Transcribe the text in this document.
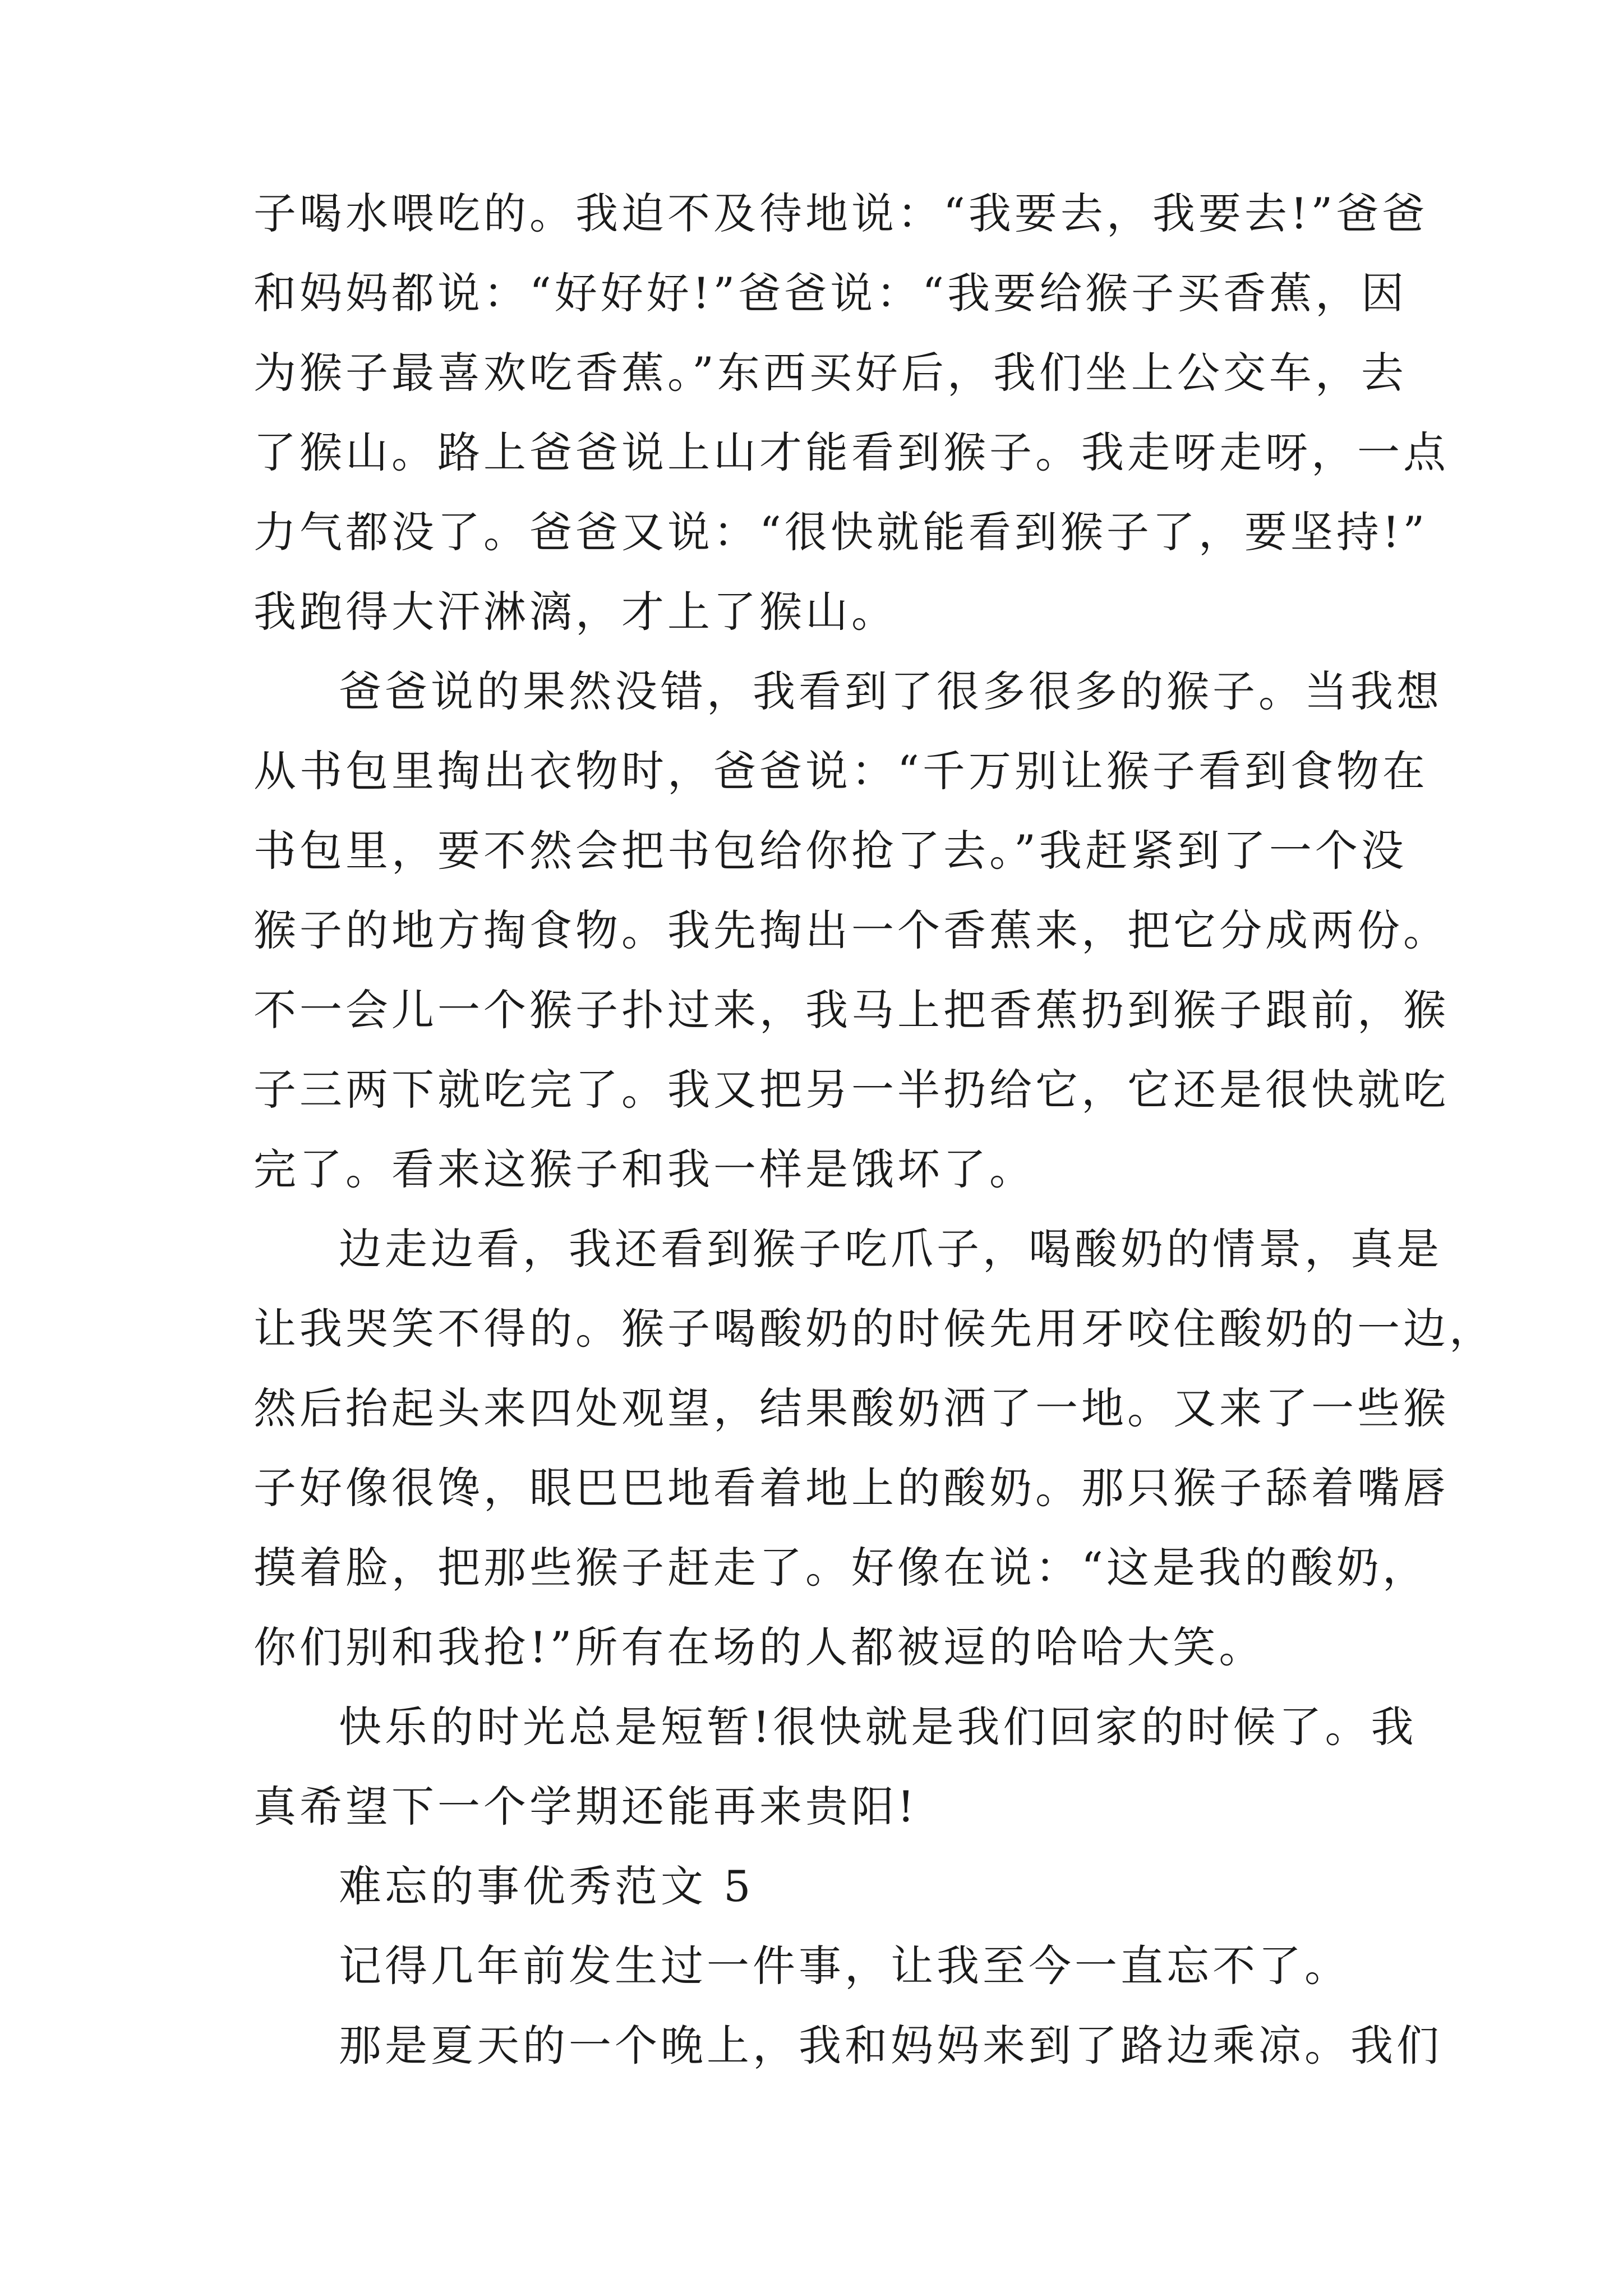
子喝水喂吃的。我迫不及待地说：“我要去，我要去!”爸爸
和妈妈都说：“好好好!”爸爸说：“我要给猴子买香蕉，因
为猴子最喜欢吃香蕉。”东西买好后，我们坐上公交车，去
了猴山。路上爸爸说上山才能看到猴子。我走呀走呀，一点
力气都没了。爸爸又说：“很快就能看到猴子了，要坚持!”
我跑得大汗淋漓，才上了猴山。
爸爸说的果然没错，我看到了很多很多的猴子。当我想
从书包里掏出衣物时，爸爸说：“千万别让猴子看到食物在
书包里，要不然会把书包给你抢了去。”我赶紧到了一个没
猴子的地方掏食物。我先掏出一个香蕉来，把它分成两份。
不一会儿一个猴子扑过来，我马上把香蕉扔到猴子跟前，猴
子三两下就吃完了。我又把另一半扔给它，它还是很快就吃
完了。看来这猴子和我一样是饿坏了。
边走边看，我还看到猴子吃爪子，喝酸奶的情景，真是
让我哭笑不得的。猴子喝酸奶的时候先用牙咬住酸奶的一边，
然后抬起头来四处观望，结果酸奶洒了一地。又来了一些猴
子好像很馋，眼巴巴地看着地上的酸奶。那只猴子舔着嘴唇
摸着脸，把那些猴子赶走了。好像在说：“这是我的酸奶，
你们别和我抢!”所有在场的人都被逗的哈哈大笑。
快乐的时光总是短暂!很快就是我们回家的时候了。我
真希望下一个学期还能再来贵阳!
难忘的事优秀范文 5
记得几年前发生过一件事，让我至今一直忘不了。
那是夏天的一个晚上，我和妈妈来到了路边乘凉。我们
